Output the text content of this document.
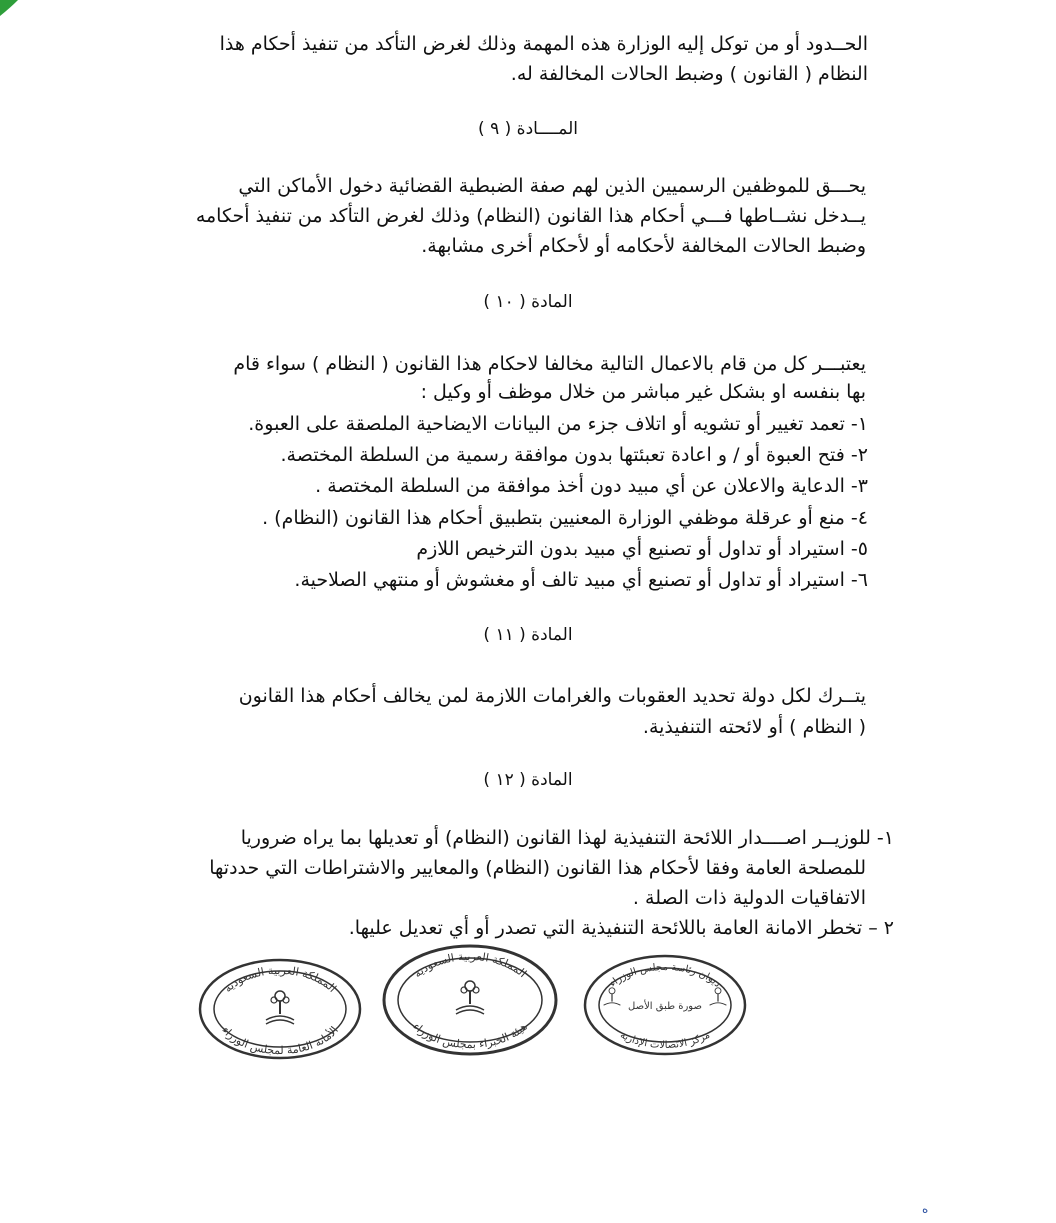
الحــدود أو من توكل إليه الوزارة هذه المهمة وذلك لغرض التأكد من تنفيذ أحكام هذا
النظام ( القانون ) وضبط الحالات المخالفة له.
المــــادة ( ٩ )
يحـــق للموظفين الرسميين الذين لهم صفة الضبطية القضائية دخول الأماكن التي
يــدخل نشــاطها فـــي أحكام هذا القانون (النظام) وذلك لغرض التأكد من تنفيذ أحكامه
وضبط الحالات المخالفة لأحكامه أو لأحكام أخرى مشابهة.
المادة ( ١٠ )
يعتبـــر كل من قام بالاعمال التالية مخالفا لاحكام هذا القانون ( النظام ) سواء قام
بها بنفسه او بشكل غير مباشر من خلال موظف أو وكيل :
١- تعمد تغيير أو تشويه أو اتلاف جزء من البيانات الايضاحية الملصقة على العبوة.
٢- فتح العبوة أو / و اعادة تعبئتها بدون موافقة رسمية من السلطة المختصة.
٣- الدعاية والاعلان عن أي مبيد دون أخذ موافقة من السلطة المختصة .
٤- منع أو عرقلة موظفي الوزارة المعنيين بتطبيق أحكام هذا القانون (النظام) .
٥- استيراد أو تداول أو تصنيع أي مبيد بدون الترخيص اللازم
٦- استيراد أو تداول أو تصنيع أي مبيد تالف أو مغشوش أو منتهي الصلاحية.
المادة ( ١١ )
يتــرك لكل دولة تحديد العقوبات والغرامات اللازمة لمن يخالف أحكام هذا القانون
( النظام ) أو لائحته التنفيذية.
المادة ( ١٢ )
١- للوزيــر اصــــدار اللائحة التنفيذية لهذا القانون (النظام) أو تعديلها بما يراه ضروريا
للمصلحة العامة وفقا لأحكام هذا القانون (النظام) والمعايير والاشتراطات التي حددتها
الاتفاقيات الدولية ذات الصلة .
٢ – تخطر الامانة العامة باللائحة التنفيذية التي تصدر أو أي تعديل عليها.
المملكة العربية السعودية
الأمانة العامة لمجلس الوزراء
المملكة العربية السعودية
هيئة الخبراء بمجلس الوزراء
ديوان رئاسة مجلس الوزراء
صورة طبق الأصل
مركز الاتصالات الإدارية
ه
